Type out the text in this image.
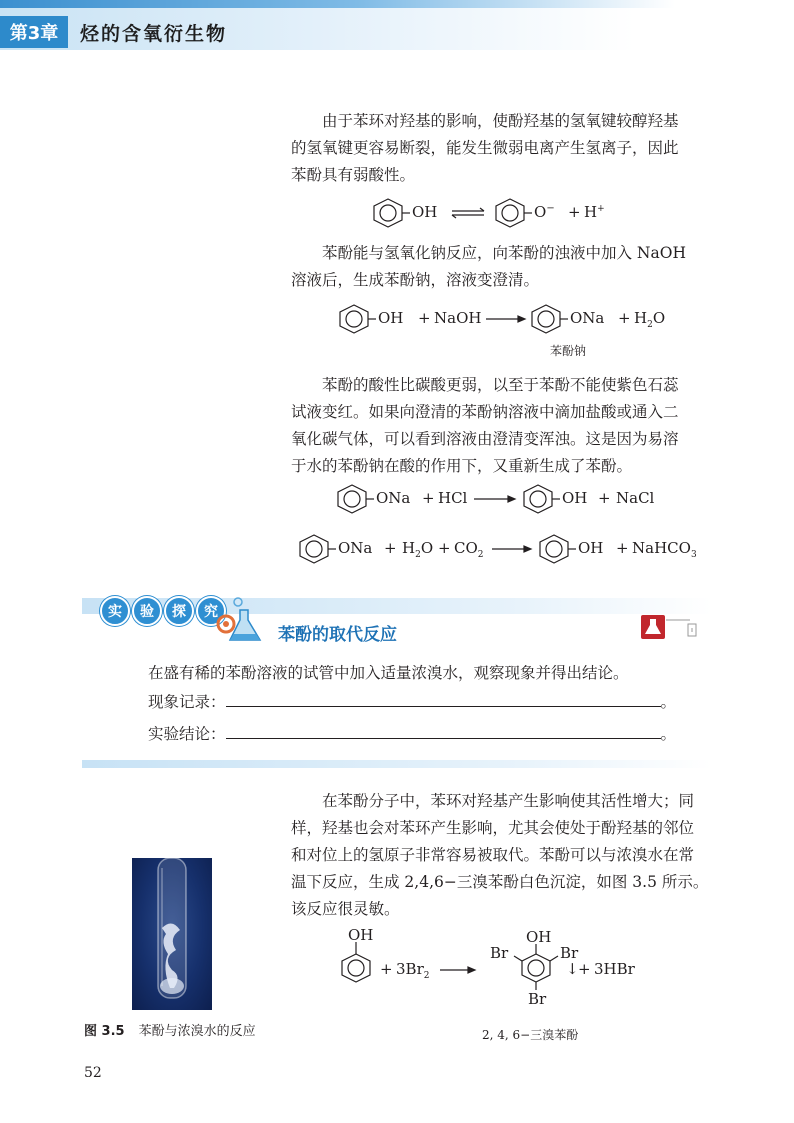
第3章	烃的含氧衍生物
由于苯环对羟基的影响，使酚羟基的氢氧键较醇羟基
的氢氧键更容易断裂，能发生微弱电离产生氢离子，因此
苯酚具有弱酸性。
OH	O− + H+
苯酚能与氢氧化钠反应，向苯酚的浊液中加入 NaOH
溶液后，生成苯酚钠，溶液变澄清。
OH + NaOH	ONa + $H_2O$
苯酚钠
苯酚的酸性比碳酸更弱，以至于苯酚不能使紫色石蕊
试液变红。如果向澄清的苯酚钠溶液中滴加盐酸或通入二
氧化碳气体，可以看到溶液由澄清变浑浊。这是因为易溶
于水的苯酚钠在酸的作用下，又重新生成了苯酚。
ONa + HCl	OH + NaCl
ONa + $H_2O + CO_2$	OH + NaHCO$_3$
实	验	探	究
苯酚的取代反应
在盛有稀的苯酚溶液的试管中加入适量浓溴水，观察现象并得出结论。
现象记录：	。
实验结论：	。
在苯酚分子中，苯环对羟基产生影响使其活性增大；同
样，羟基也会对苯环产生影响，尤其会使处于酚羟基的邻位
和对位上的氢原子非常容易被取代。苯酚可以与浓溴水在常
温下反应，生成 2,4,6−三溴苯酚白色沉淀，如图 3.5 所示。
该反应很灵敏。
图 3.5 苯酚与浓溴水的反应
OH
+ $3Br_2$
OH
Br	Br
Br
↓ + 3HBr
2, 4, 6−三溴苯酚
52
